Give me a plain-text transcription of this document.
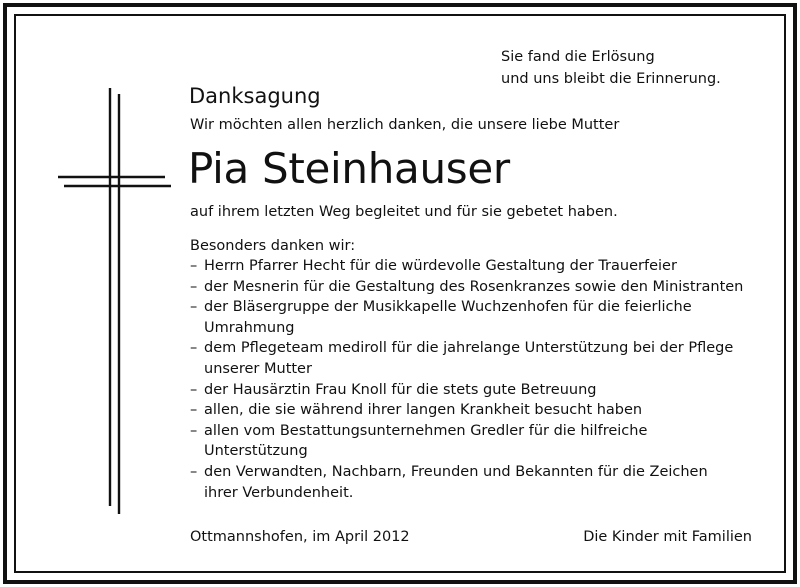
Sie fand die Erlösung
und uns bleibt die Erinnerung.
Danksagung
Wir möchten allen herzlich danken, die unsere liebe Mutter
Pia Steinhauser
auf ihrem letzten Weg begleitet und für sie gebetet haben.
Besonders danken wir:
– Herrn Pfarrer Hecht für die würdevolle Gestaltung der Trauerfeier
– der Mesnerin für die Gestaltung des Rosenkranzes sowie den Ministranten
– der Bläsergruppe der Musikkapelle Wuchzenhofen für die feierliche
Umrahmung
– dem Pflegeteam mediroll für die jahrelange Unterstützung bei der Pflege
unserer Mutter
– der Hausärztin Frau Knoll für die stets gute Betreuung
– allen, die sie während ihrer langen Krankheit besucht haben
– allen vom Bestattungsunternehmen Gredler für die hilfreiche
Unterstützung
– den Verwandten, Nachbarn, Freunden und Bekannten für die Zeichen
ihrer Verbundenheit.
Ottmannshofen, im April 2012	Die Kinder mit Familien
